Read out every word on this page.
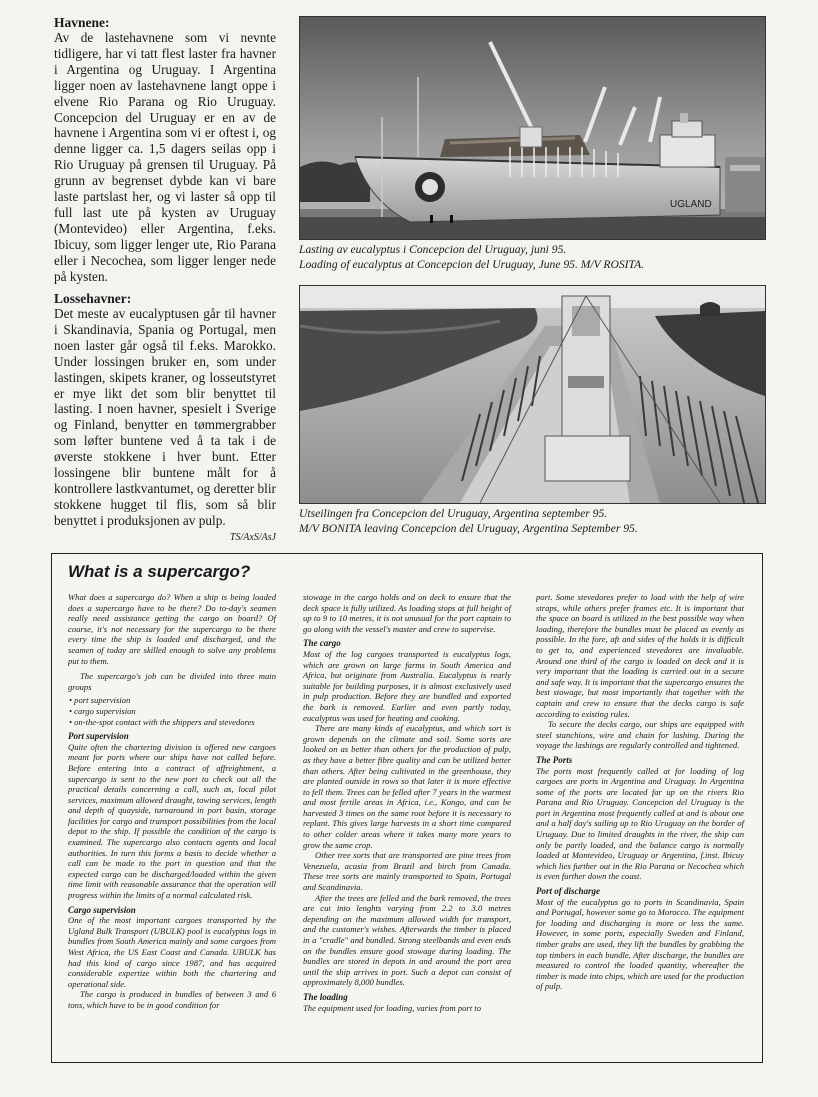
Havnene:

Av de lastehavnene som vi nevnte tidligere, har vi tatt flest laster fra havner i Argentina og Uruguay. I Argentina ligger noen av lastehavnene langt oppe i elvene Rio Parana og Rio Uruguay. Concepcion del Uruguay er en av de havnene i Argentina som vi er oftest i, og denne ligger ca. 1,5 dagers seilas opp i Rio Uruguay på grensen til Uruguay. På grunn av begrenset dybde kan vi bare laste partslast her, og vi laster så opp til full last ute på kysten av Uruguay (Montevideo) eller Argentina, f.eks. Ibicuy, som ligger lenger ute, Rio Parana eller i Necochea, som ligger lenger nede på kysten.

Lossehavner:

Det meste av eucalyptusen går til havner i Skandinavia, Spania og Portugal, men noen laster går også til f.eks. Marokko. Under lossingen bruker en, som under lastingen, skipets kraner, og losseutstyret er mye likt det som blir benyttet til lasting. I noen havner, spesielt i Sverige og Finland, benytter en tømmergrabber som løfter buntene ved å ta tak i de øverste stokkene i hver bunt. Etter lossingene blir buntene målt for å kontrollere lastkvantumet, og deretter blir stokkene hugget til flis, som så blir benyttet i produksjonen av pulp.

TS/AxS/AsJ
UGLAND
Lasting av eucalyptus i Concepcion del Uruguay, juni 95.
Loading of eucalyptus at Concepcion del Uruguay, June 95. M/V ROSITA.
Utseilingen fra Concepcion del Uruguay, Argentina september 95.
M/V BONITA leaving Concepcion del Uruguay, Argentina September 95.
What is a supercargo?

What does a supercargo do? When a ship is being loaded does a supercargo have to be there? Do to-day's seamen really need assistance getting the cargo on board? Of course, it's not necessary for the supercargo to be there every time the ship is loaded and discharged, and the seamen of today are skilled enough to solve any problems put to them.

The supercargo's job can be divided into three main groups

• port supervision
• cargo supervision
• on-the-spot contact with the shippers and stevedores

Port supervision

Quite often the chartering division is offered new cargoes meant for ports where our ships have not called before. Before entering into a contract of affreightment, a supercargo is sent to the new port to check out all the practical details concerning a call, such as, local pilot services, maximum allowed draught, towing services, length and depth of quayside, turnaround in port basin, storage facilities for cargo and transport possibilities from the local depot to the ship. If possible the condition of the cargo is examined. The supercargo also contacts agents and local authorities. In turn this forms a basis to decide whether a call can be made to the port in question and that the expected cargo can be discharged/loaded within the given time limit with reasonable assurance that the operation will progress within the limits of a normal calculated risk.

Cargo supervision

One of the most important cargoes transported by the Ugland Bulk Transport (UBULK) pool is eucalyptus logs in bundles from South America mainly and some cargoes from West Africa, the US East Coast and Canada. UBULK has had this kind of cargo since 1987, and has acquired considerable expertize within both the chartering and operational side.

The cargo is produced in bundles of between 3 and 6 tons, which have to be in good condition for

stowage in the cargo holds and on deck to ensure that the deck space is fully utilized. As loading stops at full height of up to 9 to 10 metres, it is not unusual for the port captain to go along with the vessel's master and crew to supervise.

The cargo

Most of the log cargoes transported is eucalyptus logs, which are grown on large farms in South America and Africa, but originate from Australia. Eucalyptus is rearly suitable for building purposes, it is almost exclusively used in pulp production. Before they are bundled and exported the bark is removed. Earlier and even partly today, eucalyptus was used for heating and cooking.

There are many kinds of eucalyptus, and which sort is grown depends on the climate and soil. Some sorts are looked on as better than others for the production of pulp, as they have a better fibre quality and can be utilized better than others. After being cultivated in the greenhouse, they are planted outside in rows so that later it is more effective to fell them. Trees can be felled after 7 years in the warmest and most fertile areas in Africa, i.e., Kongo, and can be harvested 3 times on the same root before it is necessary to replant. This gives large harvests in a short time compared to other colder areas where it takes many more years to grow the same crop.

Other tree sorts that are transported are pine trees from Venezuela, acasia from Brazil and birch from Canada. These tree sorts are mainly transported to Spain, Portugal and Scandinavia.

After the trees are felled and the bark removed, the trees are cut into lenghts varying from 2.2 to 3.0 metres depending on the maximum allowed width for transport, and the customer's wishes. Afterwards the timber is placed in a "cradle" and bundled. Strong steelbands and even ends on the bundles ensure good stowage during loading. The bundles are stored in depots in and around the port area until the ship arrives in port. Such a depot can consist of approximately 8,000 bundles.

The loading

The equipment used for loading, varies from port to

port. Some stevedores prefer to load with the help of wire straps, while others prefer frames etc. It is important that the space on board is utilized in the best possible way when loading, therefore the bundles must be placed as evenly as possible. In the fore, aft and sides of the holds it is difficult to get to, and experienced stevedores are invaluable. Around one third of the cargo is loaded on deck and it is very important that the loading is carried out in a secure and safe way. It is important that the supercargo ensures the best stowage, but most importantly that together with the captain and crew to ensure that the decks cargo is safe according to existing rules.

To secure the decks cargo, our ships are equipped with steel stanchions, wire and chain for lashing. During the voyage the lashings are regularly controlled and tightened.

The Ports

The ports most frequently called at for loading of log cargoes are ports in Argentina and Uruguay. In Argentina some of the ports are located far up on the rivers Rio Parana and Rio Uruguay. Concepcion del Uruguay is the port in Argentina most frequently called at and is about one and a half day's sailing up to Rio Uruguay on the border of Uruguay. Due to limited draughts in the river, the ship can only be partly loaded, and the balance cargo is normally loaded at Montevideo, Uruguay or Argentina, f.inst. Ibicuy which lies further out in the Rio Parana or Necochea which is even further down the coast.

Port of discharge

Most of the eucalyptus go to ports in Scandinavia, Spain and Portugal, however some go to Morocco. The equipment for loading and discharging is more or less the same. However, in some ports, especially Sweden and Finland, timber grabs are used, they lift the bundles by grabbing the top timbers in each bundle. After discharge, the bundles are measured to control the loaded quantity, whereafter the timber is made into chips, which are used for the production of pulp.
